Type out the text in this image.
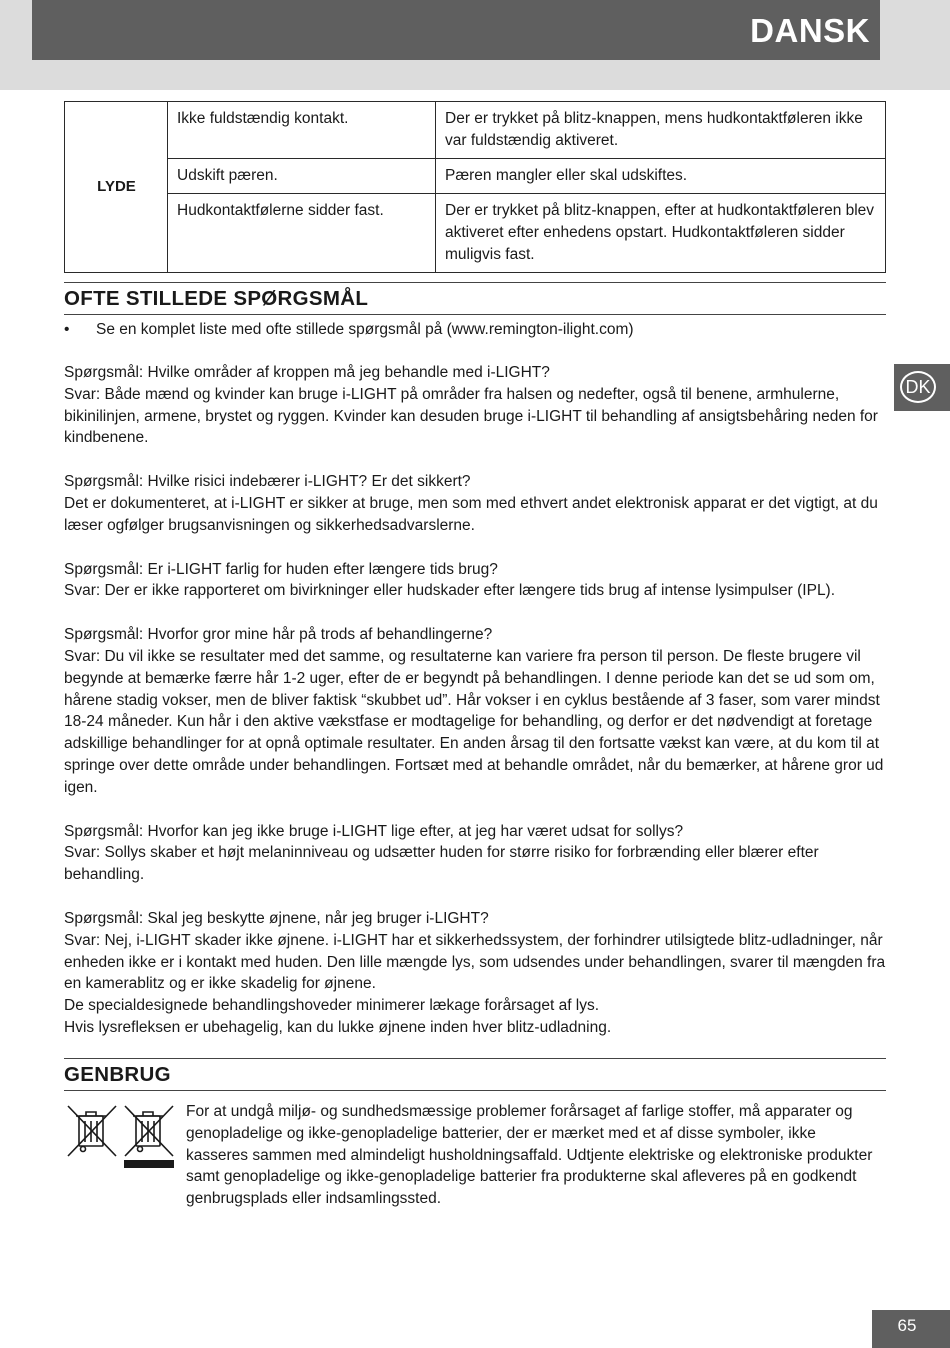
DANSK
LYDE	Ikke fuldstændig kontakt.	Der er trykket på blitz-knappen, mens hudkontaktføleren ikke var fuldstændig aktiveret.
	Udskift pæren.	Pæren mangler eller skal udskiftes.
	Hudkontaktfølerne sidder fast.	Der er trykket på blitz-knappen, efter at hudkontaktføleren blev aktiveret efter enhedens opstart. Hudkontaktføleren sidder muligvis fast.
OFTE STILLEDE SPØRGSMÅL
• Se en komplet liste med ofte stillede spørgsmål på (www.remington-ilight.com)
DK

Spørgsmål: Hvilke områder af kroppen må jeg behandle med i-LIGHT?

Svar: Både mænd og kvinder kan bruge i-LIGHT på områder fra halsen og nedefter, også til benene, armhulerne, bikinilinjen, armene, brystet og ryggen. Kvinder kan desuden bruge i-LIGHT til behandling af ansigtsbehåring neden for kindbenene.

Spørgsmål: Hvilke risici indebærer i-LIGHT? Er det sikkert?

Det er dokumenteret, at i-LIGHT er sikker at bruge, men som med ethvert andet elektronisk apparat er det vigtigt, at du læser ogfølger brugsanvisningen og sikkerhedsadvarslerne.

Spørgsmål: Er i-LIGHT farlig for huden efter længere tids brug?

Svar: Der er ikke rapporteret om bivirkninger eller hudskader efter længere tids brug af intense lysimpulser (IPL).

Spørgsmål: Hvorfor gror mine hår på trods af behandlingerne?

Svar: Du vil ikke se resultater med det samme, og resultaterne kan variere fra person til person. De fleste brugere vil begynde at bemærke færre hår 1-2 uger, efter de er begyndt på behandlingen. I denne periode kan det se ud som om, hårene stadig vokser, men de bliver faktisk “skubbet ud”. Hår vokser i en cyklus bestående af 3 faser, som varer mindst 18-24 måneder. Kun hår i den aktive vækstfase er modtagelige for behandling, og derfor er det nødvendigt at foretage adskillige behandlinger for at opnå optimale resultater. En anden årsag til den fortsatte vækst kan være, at du kom til at springe over dette område under behandlingen. Fortsæt med at behandle området, når du bemærker, at hårene gror ud igen.

Spørgsmål: Hvorfor kan jeg ikke bruge i-LIGHT lige efter, at jeg har været udsat for sollys?

Svar: Sollys skaber et højt melaninniveau og udsætter huden for større risiko for forbrænding eller blærer efter behandling.

Spørgsmål: Skal jeg beskytte øjnene, når jeg bruger i-LIGHT?

Svar: Nej, i-LIGHT skader ikke øjnene. i-LIGHT har et sikkerhedssystem, der forhindrer utilsigtede blitz-udladninger, når enheden ikke er i kontakt med huden. Den lille mængde lys, som udsendes under behandlingen, svarer til mængden fra en kamerablitz og er ikke skadelig for øjnene.

De specialdesignede behandlingshoveder minimerer lækage forårsaget af lys.

Hvis lysrefleksen er ubehagelig, kan du lukke øjnene inden hver blitz-udladning.

GENBRUG
For at undgå miljø- og sundhedsmæssige problemer forårsaget af farlige stoffer, må apparater og genopladelige og ikke-genopladelige batterier, der er mærket med et af disse symboler, ikke kasseres sammen med almindeligt husholdningsaffald. Udtjente elektriske og elektroniske produkter samt genopladelige og ikke-genopladelige batterier fra produkterne skal afleveres på en godkendt genbrugsplads eller indsamlingssted.
65
